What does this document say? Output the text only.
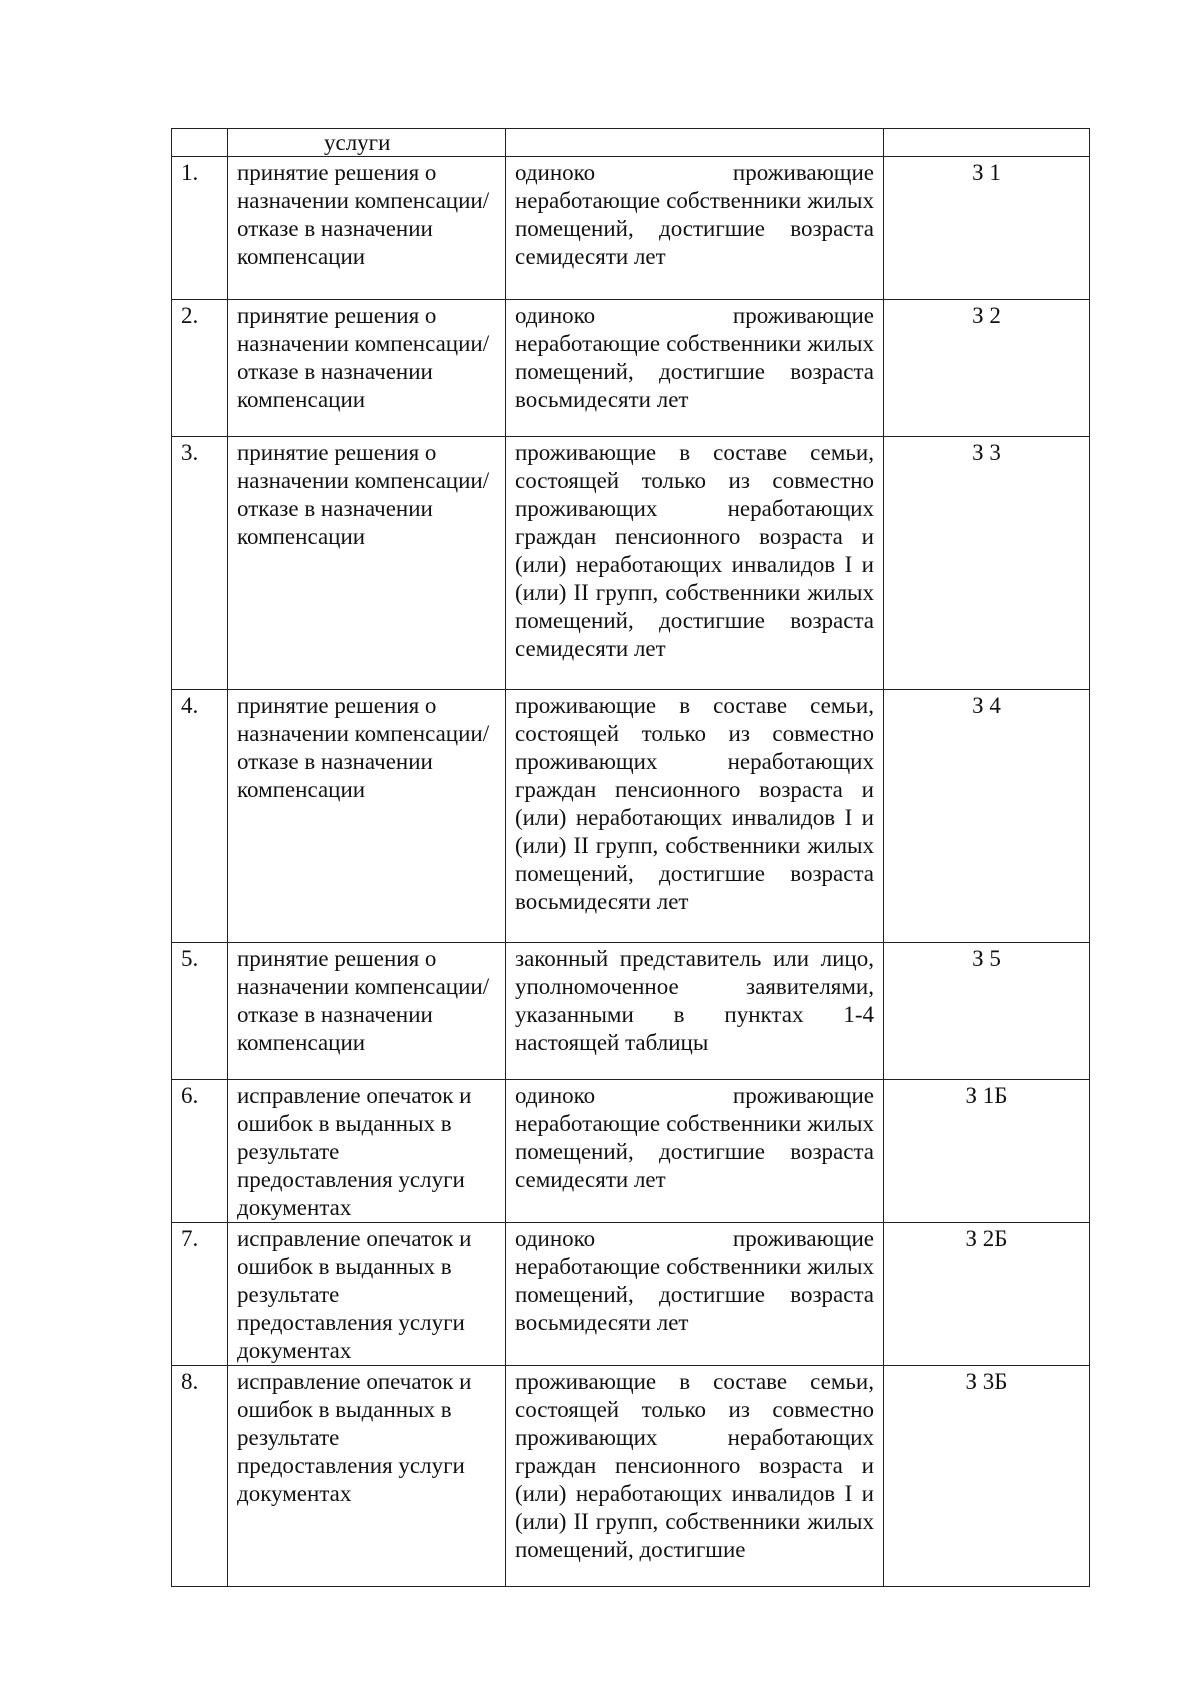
	услуги		
1.	принятие решения о назначении компенсации/ отказе в назначении компенсации	одиноко проживающие неработающие собственники жилых помещений, достигшие возраста семидесяти лет	З 1
2.	принятие решения о назначении компенсации/ отказе в назначении компенсации	одиноко проживающие неработающие собственники жилых помещений, достигшие возраста восьмидесяти лет	З 2
3.	принятие решения о назначении компенсации/ отказе в назначении компенсации	проживающие в составе семьи, состоящей только из совместно проживающих неработающих граждан пенсионного возраста и (или) неработающих инвалидов I и (или) II групп, собственники жилых помещений, достигшие возраста семидесяти лет	З 3
4.	принятие решения о назначении компенсации/ отказе в назначении компенсации	проживающие в составе семьи, состоящей только из совместно проживающих неработающих граждан пенсионного возраста и (или) неработающих инвалидов I и (или) II групп, собственники жилых помещений, достигшие возраста восьмидесяти лет	З 4
5.	принятие решения о назначении компенсации/ отказе в назначении компенсации	законный представитель или лицо, уполномоченное заявителями, указанными в пунктах 1-4 настоящей таблицы	З 5
6.	исправление опечаток и ошибок в выданных в результате предоставления услуги документах	одиноко проживающие неработающие собственники жилых помещений, достигшие возраста семидесяти лет	З 1Б
7.	исправление опечаток и ошибок в выданных в результате предоставления услуги документах	одиноко проживающие неработающие собственники жилых помещений, достигшие возраста восьмидесяти лет	З 2Б
8.	исправление опечаток и ошибок в выданных в результате предоставления услуги документах	проживающие в составе семьи, состоящей только из совместно проживающих неработающих граждан пенсионного возраста и (или) неработающих инвалидов I и (или) II групп, собственники жилых помещений, достигшие	З 3Б
